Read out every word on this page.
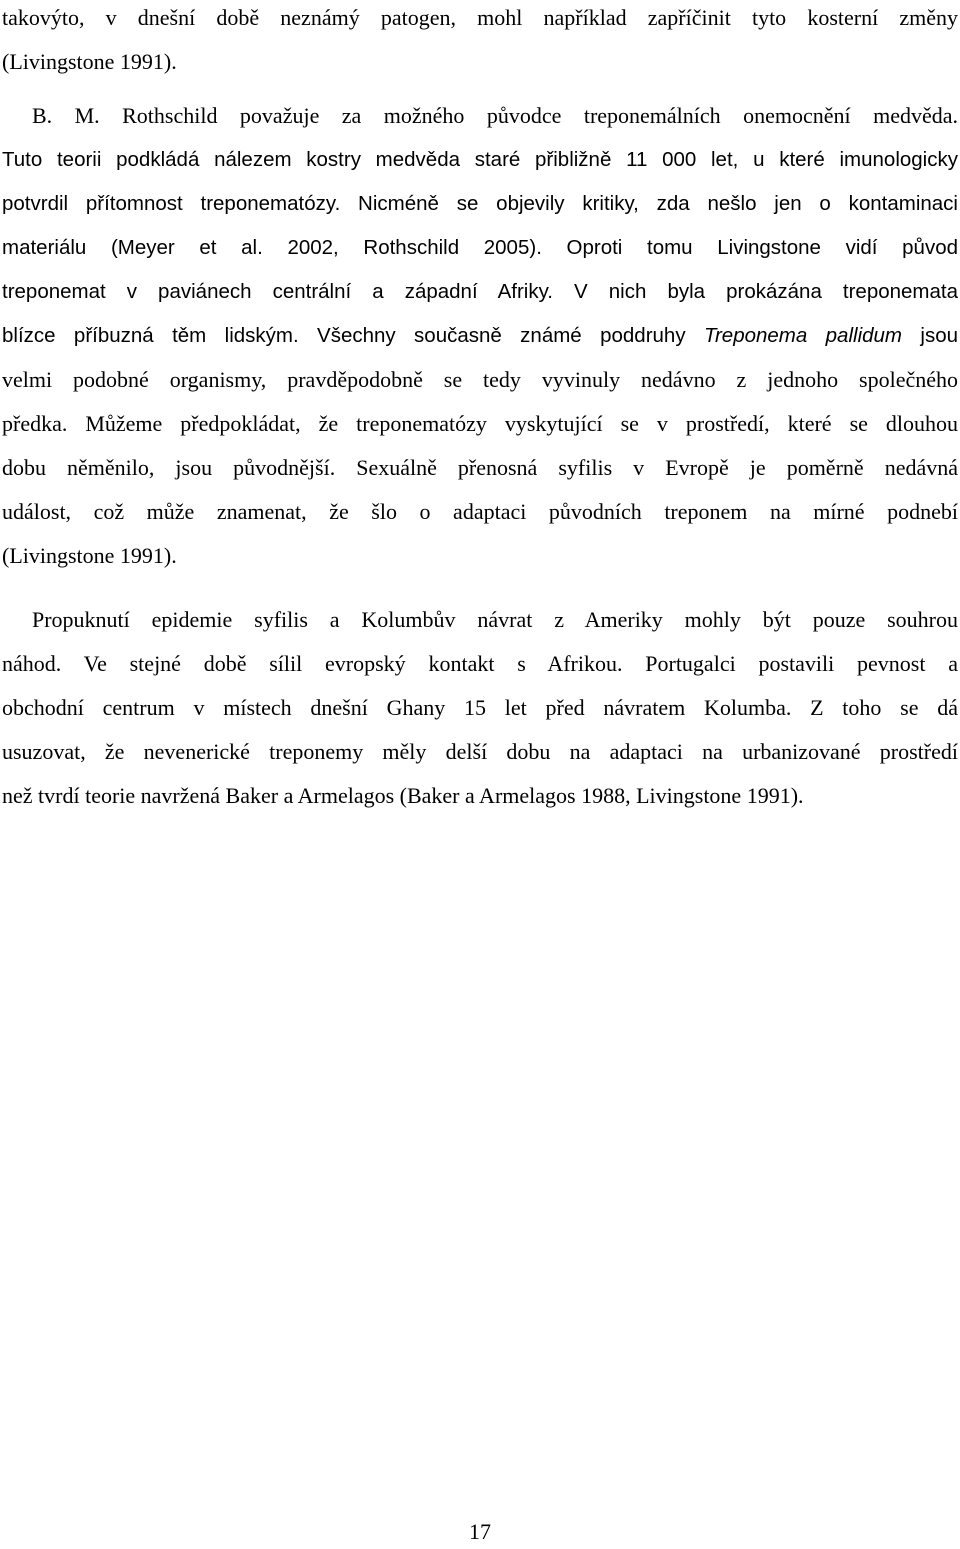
takovýto, v dnešní době neznámý patogen, mohl například zapříčinit tyto kosterní změny
(Livingstone 1991).
B. M. Rothschild považuje za možného původce treponemálních onemocnění medvěda.
Tuto teorii podkládá nálezem kostry medvěda staré přibližně 11 000 let, u které imunologicky
potvrdil přítomnost treponematózy. Nicméně se objevily kritiky, zda nešlo jen o kontaminaci
materiálu (Meyer et al. 2002, Rothschild 2005). Oproti tomu Livingstone vidí původ
treponemat v paviánech centrální a západní Afriky. V nich byla prokázána treponemata
blízce příbuzná těm lidským. Všechny současně známé poddruhy Treponema pallidum jsou
velmi podobné organismy, pravděpodobně se tedy vyvinuly nedávno z jednoho společného
předka. Můžeme předpokládat, že treponematózy vyskytující se v prostředí, které se dlouhou
dobu něměnilo, jsou původnější. Sexuálně přenosná syfilis v Evropě je poměrně nedávná
událost, což může znamenat, že šlo o adaptaci původních treponem na mírné podnebí
(Livingstone 1991).
Propuknutí epidemie syfilis a Kolumbův návrat z Ameriky mohly být pouze souhrou
náhod. Ve stejné době sílil evropský kontakt s Afrikou. Portugalci postavili pevnost a
obchodní centrum v místech dnešní Ghany 15 let před návratem Kolumba. Z toho se dá
usuzovat, že nevenerické treponemy měly delší dobu na adaptaci na urbanizované prostředí
než tvrdí teorie navržená Baker a Armelagos (Baker a Armelagos 1988, Livingstone 1991).
17
